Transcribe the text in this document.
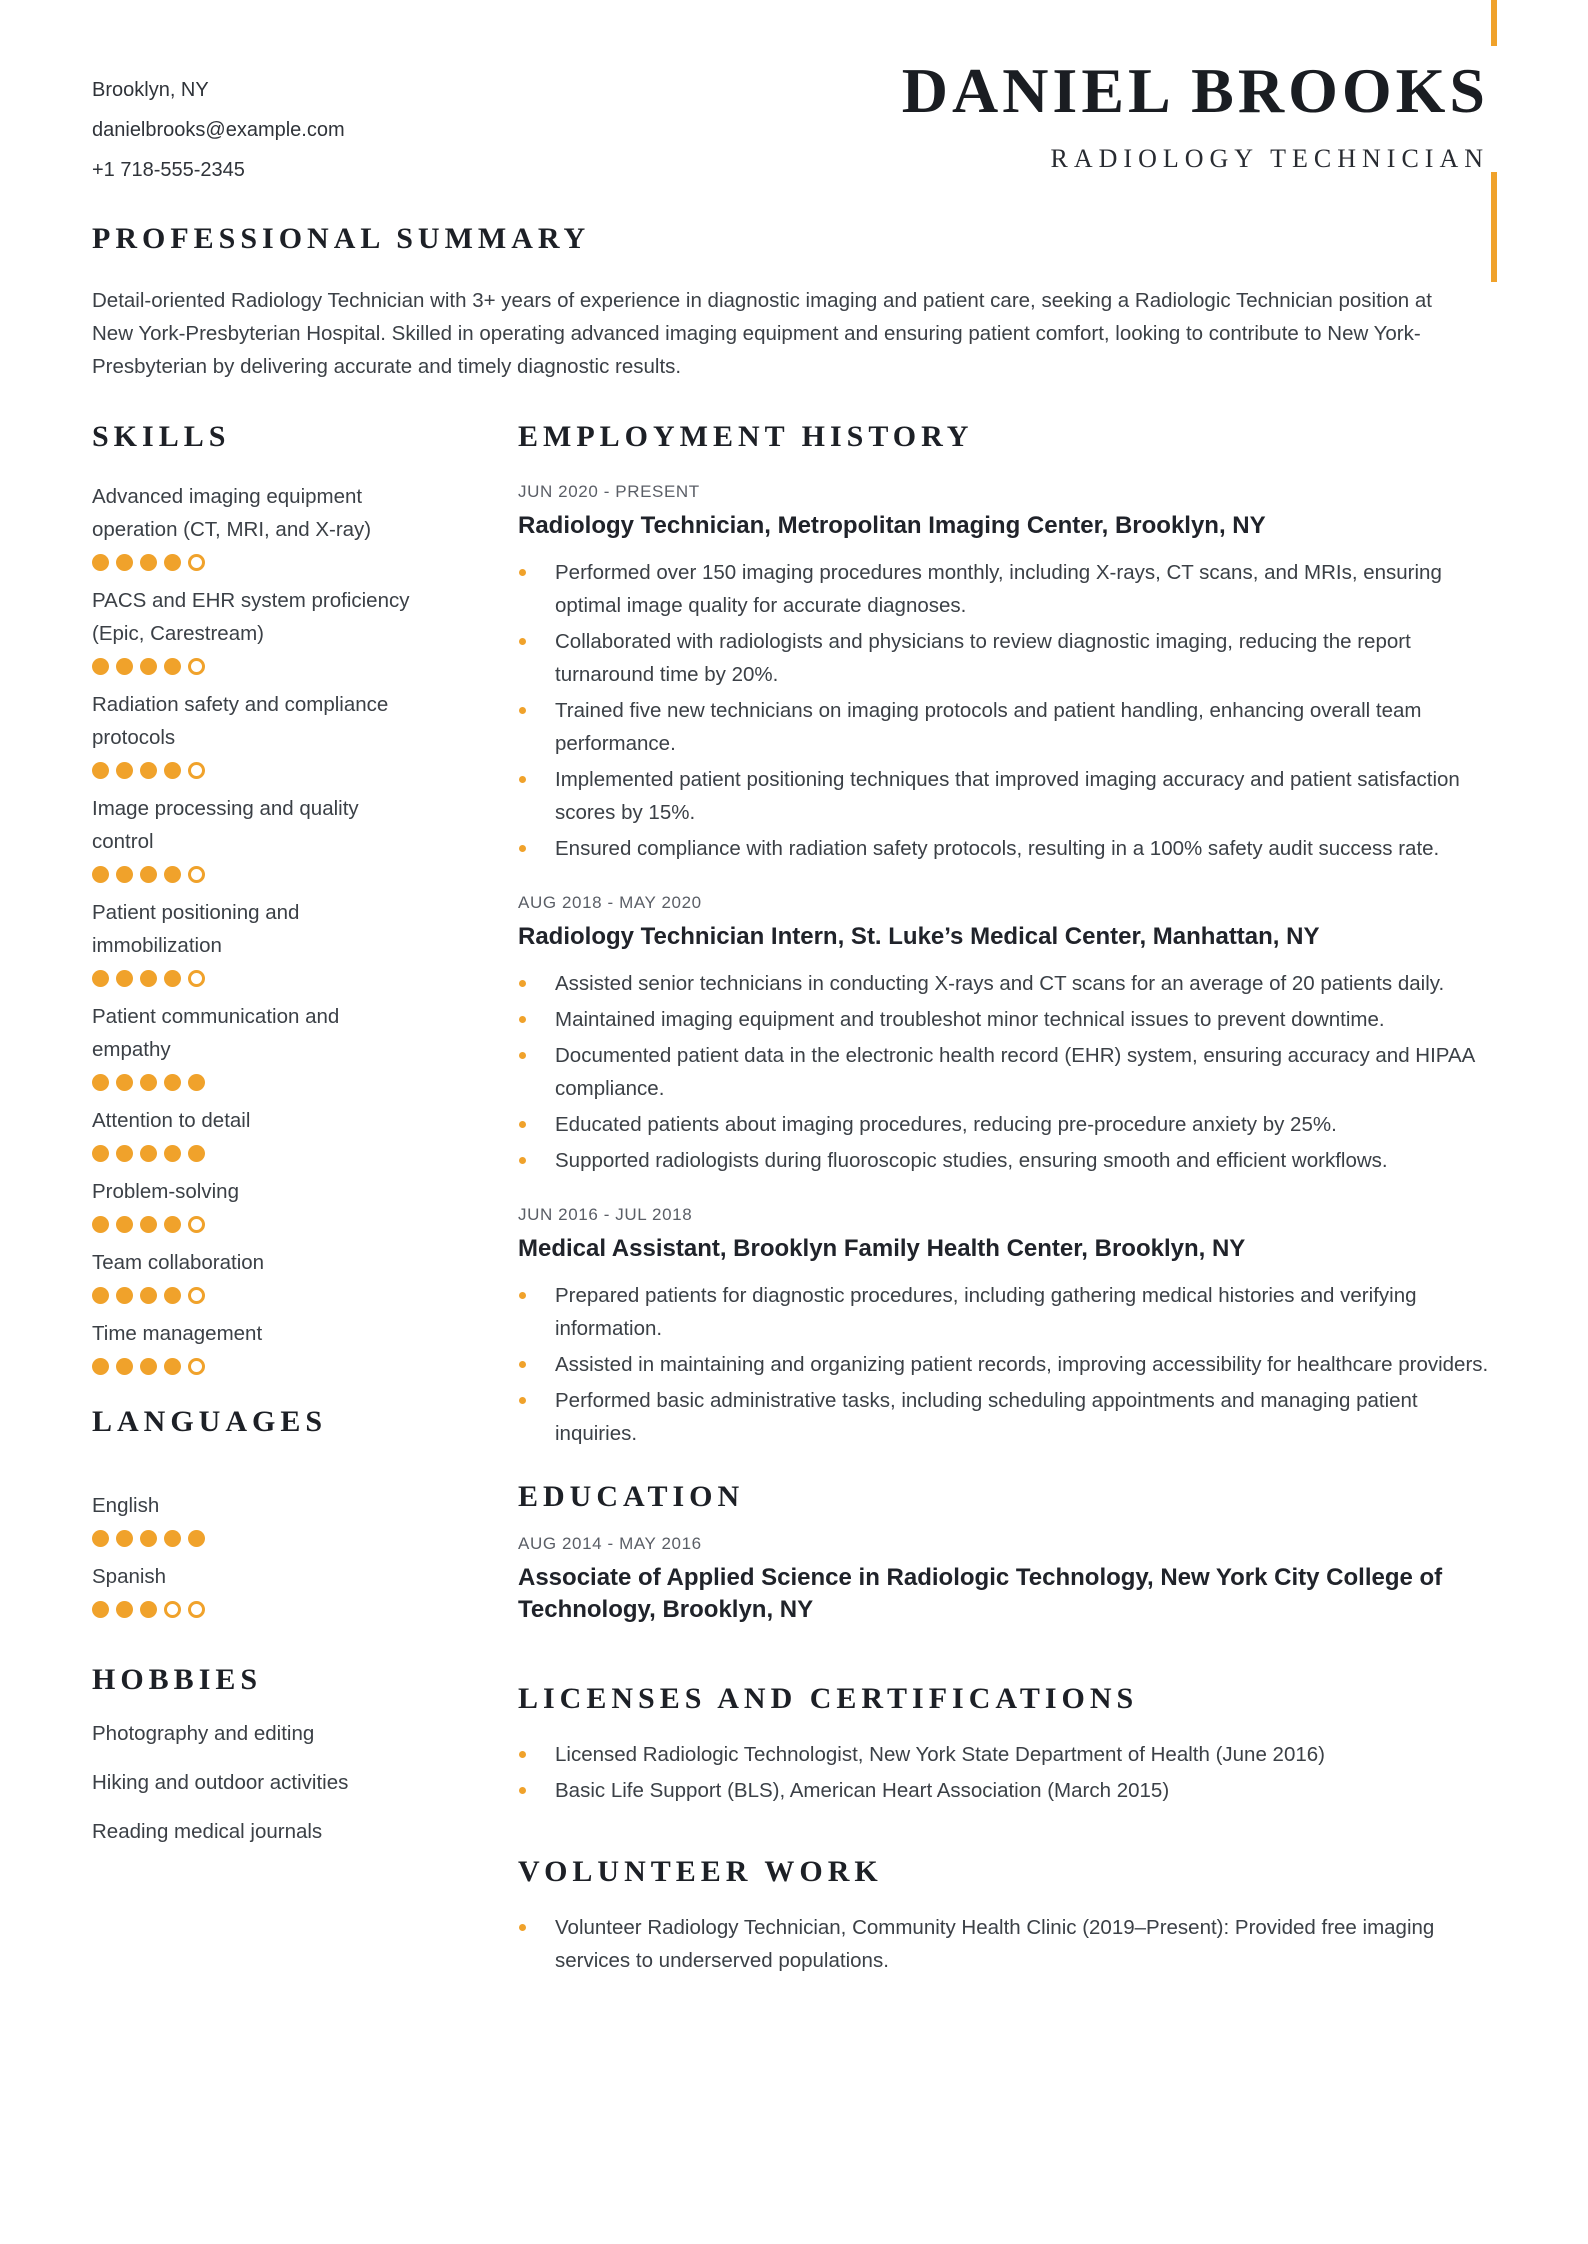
Brooklyn, NY
danielbrooks@example.com
+1 718-555-2345
DANIEL BROOKS
RADIOLOGY TECHNICIAN
PROFESSIONAL SUMMARY

Detail-oriented Radiology Technician with 3+ years of experience in diagnostic imaging and patient care, seeking a Radiologic Technician position at New York-Presbyterian Hospital. Skilled in operating advanced imaging equipment and ensuring patient comfort, looking to contribute to New York-Presbyterian by delivering accurate and timely diagnostic results.

SKILLS
Advanced imaging equipment operation (CT, MRI, and X-ray)
PACS and EHR system proficiency (Epic, Carestream)
Radiation safety and compliance protocols
Image processing and quality control
Patient positioning and immobilization
Patient communication and empathy
Attention to detail
Problem-solving
Team collaboration
Time management
LANGUAGES
English
Spanish
HOBBIES
Photography and editing
Hiking and outdoor activities
Reading medical journals
EMPLOYMENT HISTORY
JUN 2020 - PRESENT
Radiology Technician, Metropolitan Imaging Center, Brooklyn, NY
Performed over 150 imaging procedures monthly, including X-rays, CT scans, and MRIs, ensuring optimal image quality for accurate diagnoses.
Collaborated with radiologists and physicians to review diagnostic imaging, reducing the report turnaround time by 20%.
Trained five new technicians on imaging protocols and patient handling, enhancing overall team performance.
Implemented patient positioning techniques that improved imaging accuracy and patient satisfaction scores by 15%.
Ensured compliance with radiation safety protocols, resulting in a 100% safety audit success rate.
AUG 2018 - MAY 2020
Radiology Technician Intern, St. Luke’s Medical Center, Manhattan, NY
Assisted senior technicians in conducting X-rays and CT scans for an average of 20 patients daily.
Maintained imaging equipment and troubleshot minor technical issues to prevent downtime.
Documented patient data in the electronic health record (EHR) system, ensuring accuracy and HIPAA compliance.
Educated patients about imaging procedures, reducing pre-procedure anxiety by 25%.
Supported radiologists during fluoroscopic studies, ensuring smooth and efficient workflows.
JUN 2016 - JUL 2018
Medical Assistant, Brooklyn Family Health Center, Brooklyn, NY
Prepared patients for diagnostic procedures, including gathering medical histories and verifying information.
Assisted in maintaining and organizing patient records, improving accessibility for healthcare providers.
Performed basic administrative tasks, including scheduling appointments and managing patient inquiries.
EDUCATION
AUG 2014 - MAY 2016
Associate of Applied Science in Radiologic Technology, New York City College of Technology, Brooklyn, NY
LICENSES AND CERTIFICATIONS
Licensed Radiologic Technologist, New York State Department of Health (June 2016)
Basic Life Support (BLS), American Heart Association (March 2015)
VOLUNTEER WORK
Volunteer Radiology Technician, Community Health Clinic (2019–Present): Provided free imaging services to underserved populations.
